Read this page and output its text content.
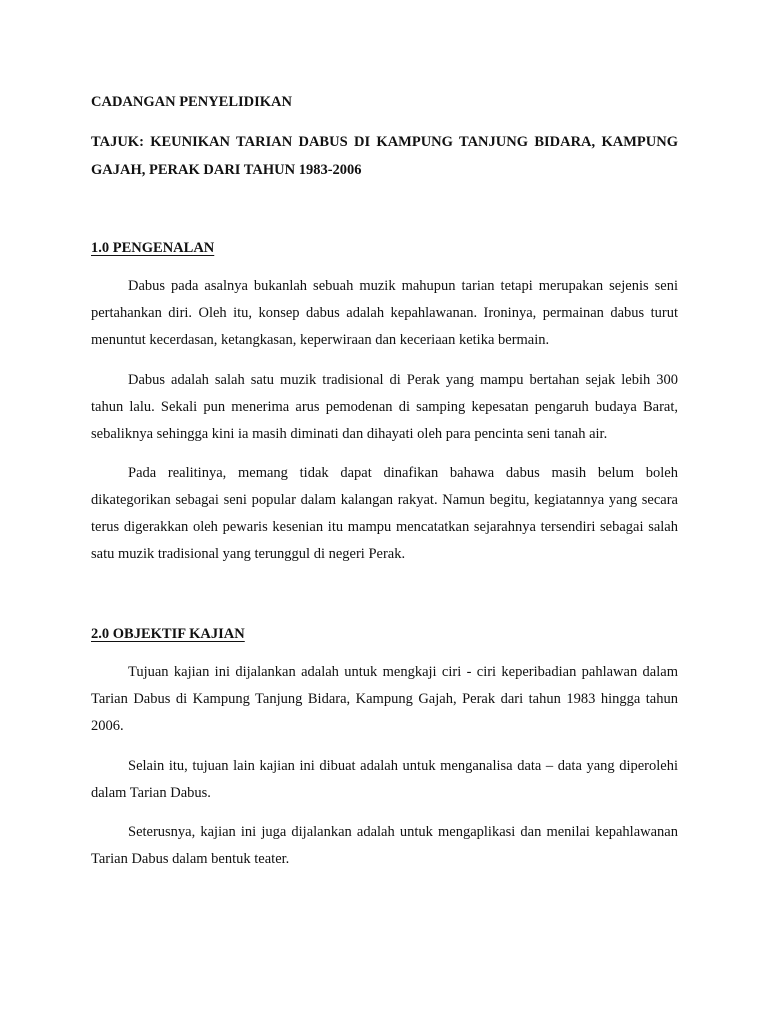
CADANGAN PENYELIDIKAN

TAJUK: KEUNIKAN TARIAN DABUS DI KAMPUNG TANJUNG BIDARA, KAMPUNG GAJAH, PERAK DARI TAHUN 1983-2006

1.0 PENGENALAN

Dabus pada asalnya bukanlah sebuah muzik mahupun tarian tetapi merupakan sejenis seni pertahankan diri. Oleh itu, konsep dabus adalah kepahlawanan. Ironinya, permainan dabus turut menuntut kecerdasan, ketangkasan, keperwiraan dan keceriaan ketika bermain.

Dabus adalah salah satu muzik tradisional di Perak yang mampu bertahan sejak lebih 300 tahun lalu. Sekali pun menerima arus pemodenan di samping kepesatan pengaruh budaya Barat, sebaliknya sehingga kini ia masih diminati dan dihayati oleh para pencinta seni tanah air.

Pada realitinya, memang tidak dapat dinafikan bahawa dabus masih belum boleh dikategorikan sebagai seni popular dalam kalangan rakyat. Namun begitu, kegiatannya yang secara terus digerakkan oleh pewaris kesenian itu mampu mencatatkan sejarahnya tersendiri sebagai salah satu muzik tradisional yang terunggul di negeri Perak.

2.0 OBJEKTIF KAJIAN

Tujuan kajian ini dijalankan adalah untuk mengkaji ciri - ciri keperibadian pahlawan dalam Tarian Dabus di Kampung Tanjung Bidara, Kampung Gajah, Perak dari tahun 1983 hingga tahun 2006.

Selain itu, tujuan lain kajian ini dibuat adalah untuk menganalisa data – data yang diperolehi dalam Tarian Dabus.

Seterusnya, kajian ini juga dijalankan adalah untuk mengaplikasi dan menilai kepahlawanan Tarian Dabus dalam bentuk teater.
